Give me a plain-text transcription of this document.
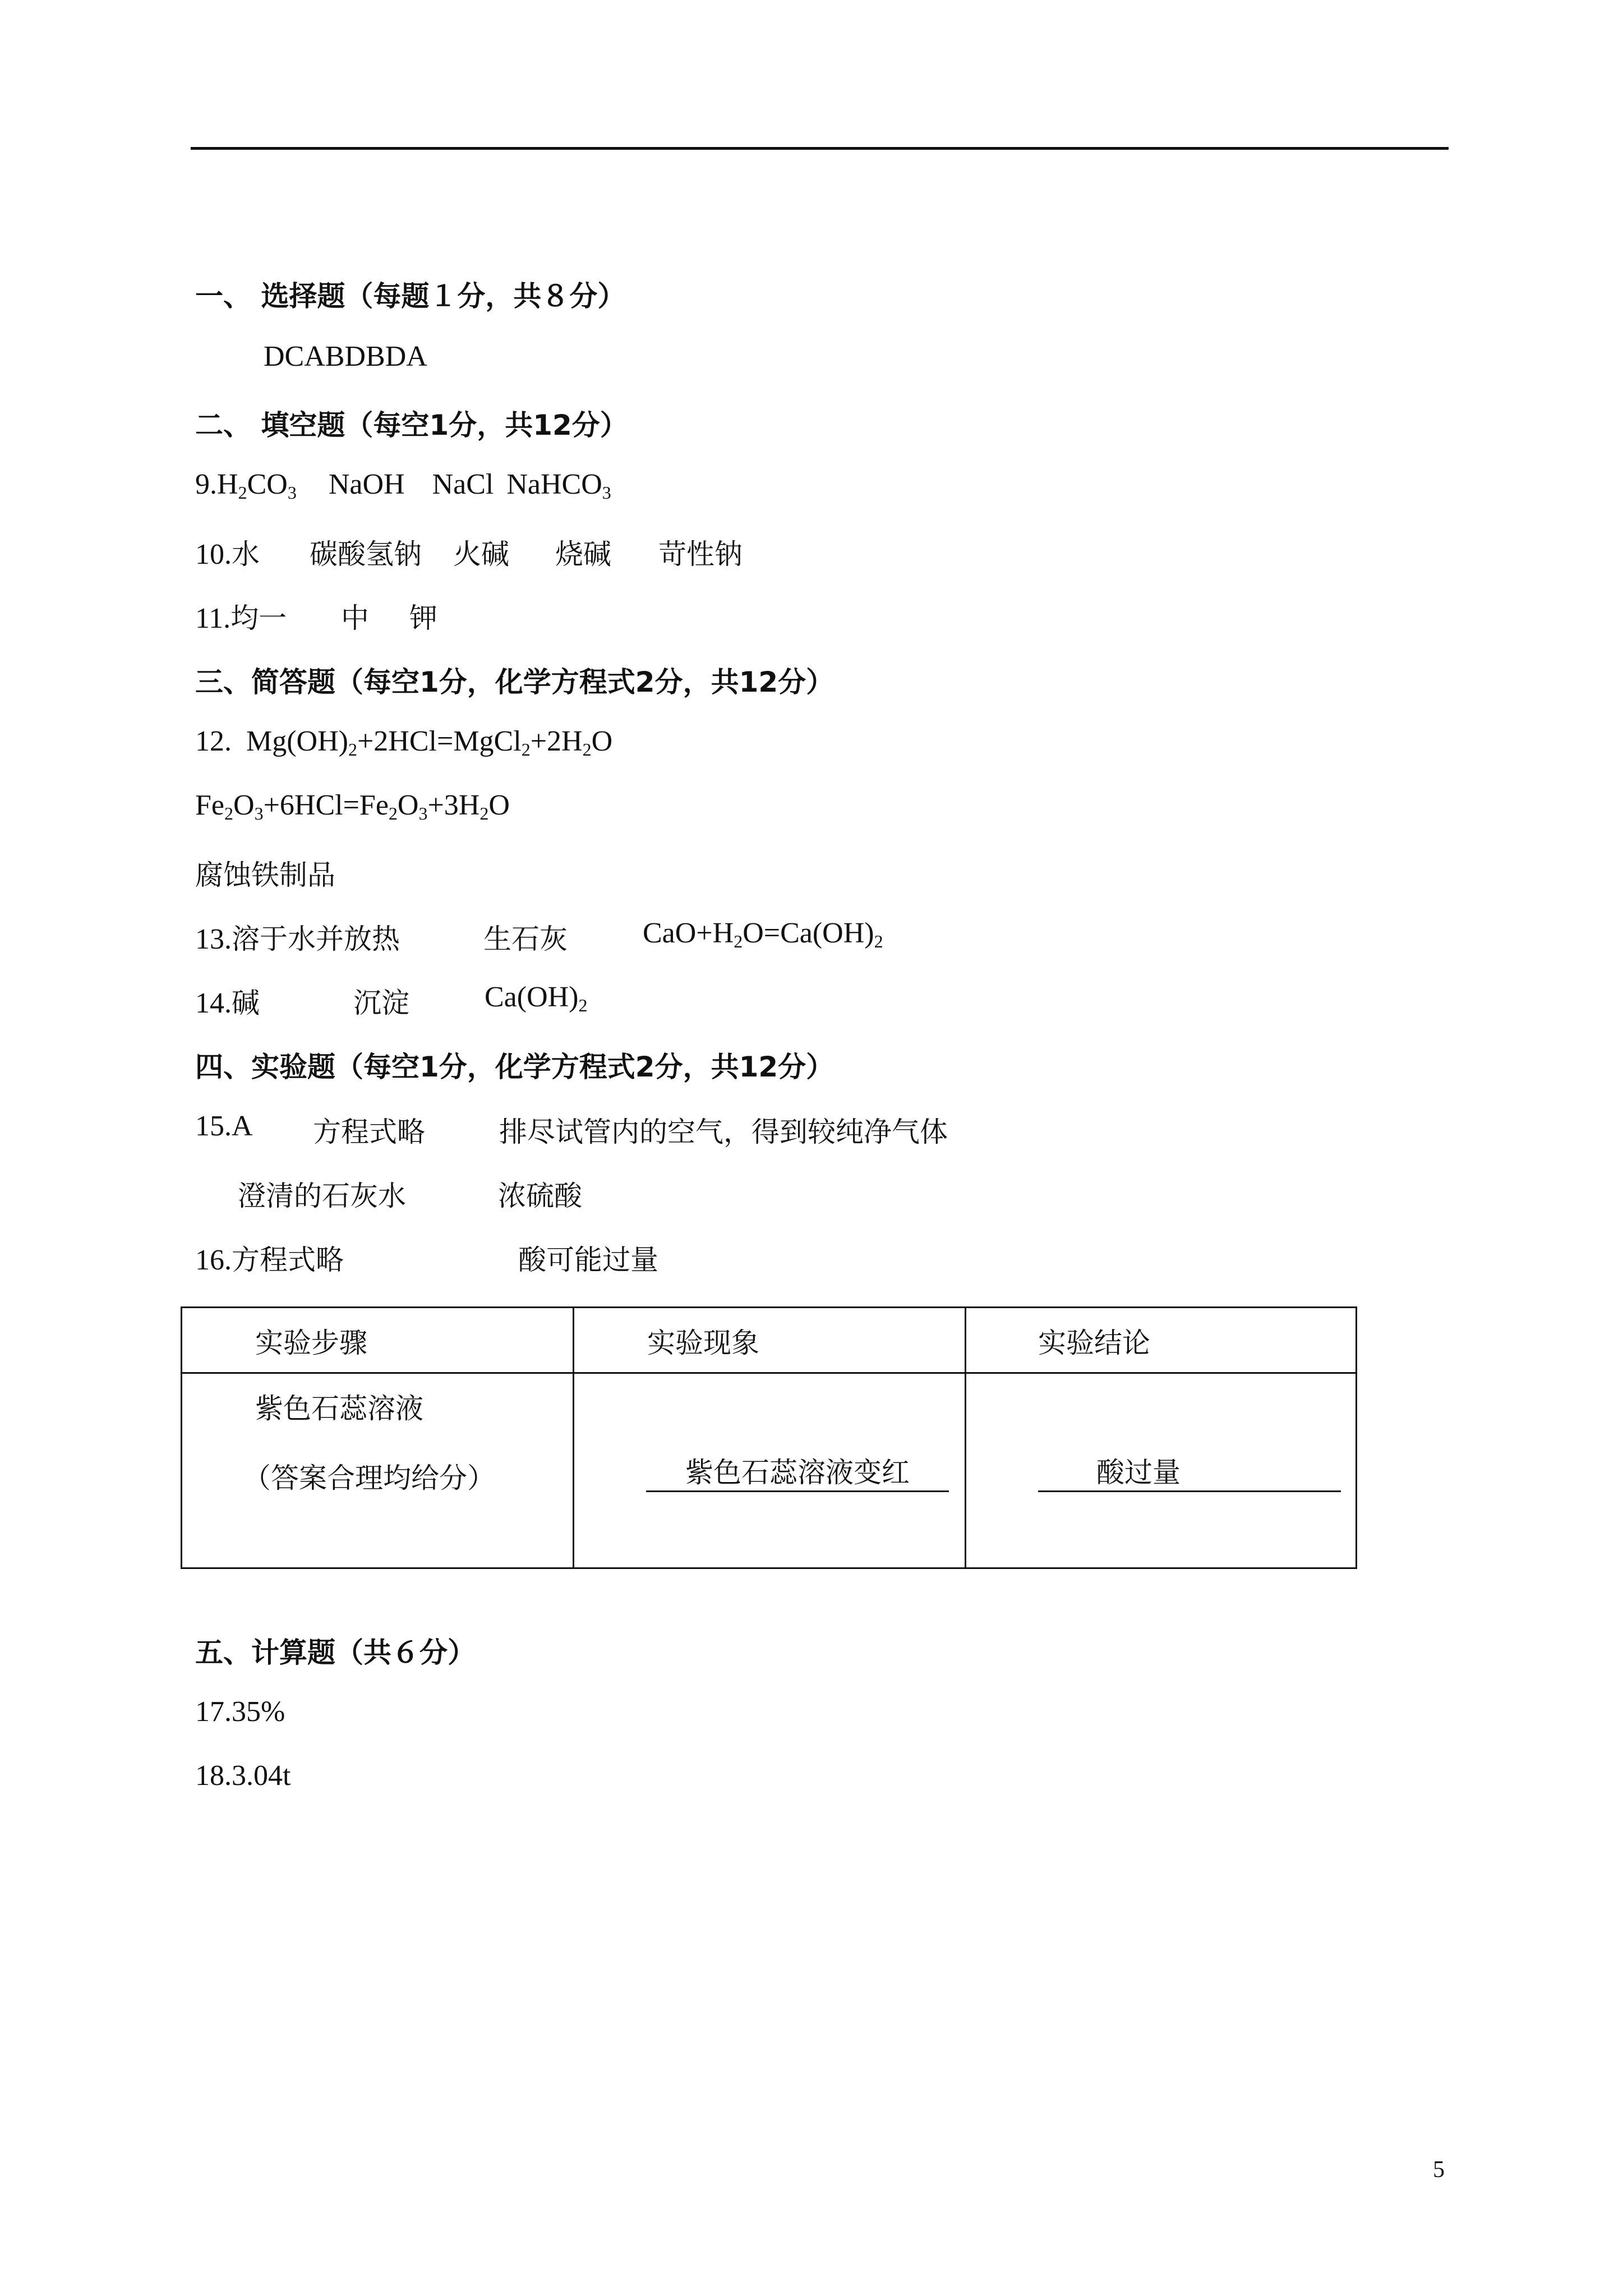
一、 选择题（每题１分，共８分）
DCABDBDA
二、 填空题（每空1分，共12分）
$9.H_2CO_3$ NaOH NaCl NaHCO$_3$
10.水 碳酸氢钠 火碱 烧碱 苛性钠
11.均一 中 钾
三、简答题（每空1分，化学方程式2分，共12分）
12. $Mg(OH)_2+2HCl=MgCl_2+2H_2O$
$Fe_2O_3+6HCl=Fe_2O_3+3H_2O$
腐蚀铁制品
13.溶于水并放热	生石灰	$CaO+H_2O=Ca(OH)_2$
14.碱	沉淀	$Ca(OH)_2$
四、实验题（每空1分，化学方程式2分，共12分）
15.A 方程式略	排尽试管内的空气，得到较纯净气体
澄清的石灰水	浓硫酸
16.方程式略	酸可能过量
实验步骤	实验现象	实验结论

紫色石蕊溶液
（答案合理均给分）	紫色石蕊溶液变红	酸过量
五、计算题（共６分）
17.35%
18.3.04t
5
